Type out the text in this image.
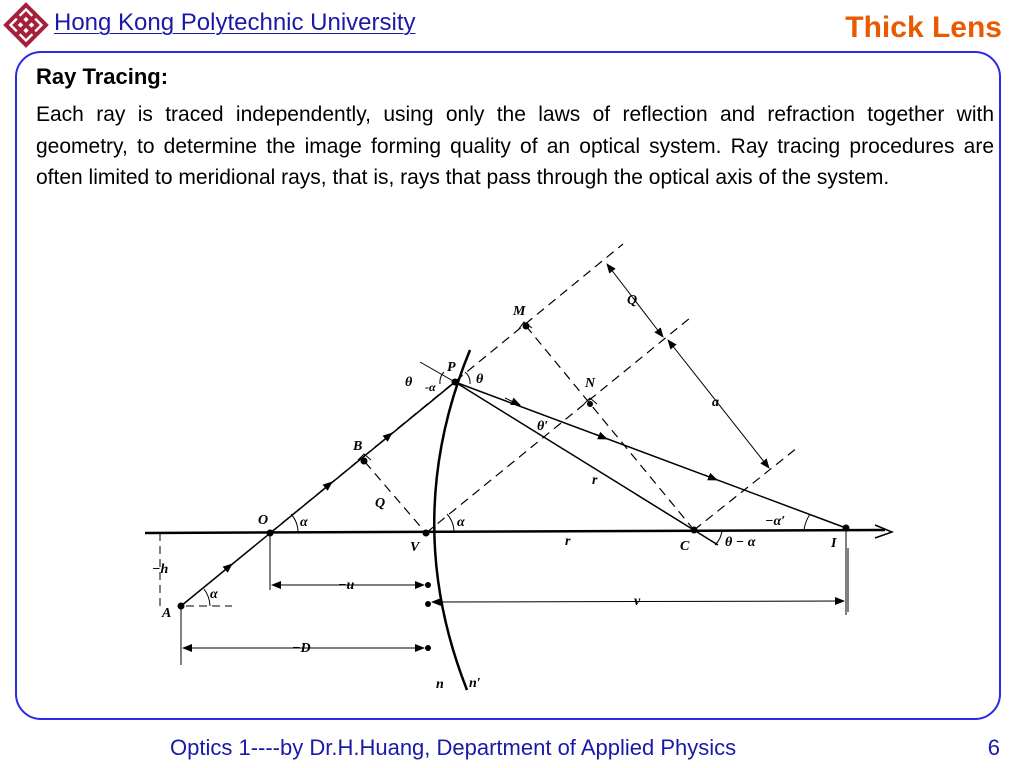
Hong Kong Polytechnic University	Thick Lens
Ray Tracing:
Each ray is traced independently, using only the laws of reflection and refraction together with geometry, to determine the image forming quality of an optical system. Ray tracing procedures are often limited to meridional rays, that is, rays that pass through the optical axis of the system.
A
O
B
P
M
N
V	C	I
Q
Q
a
r
r
θ	θ
θ′
-α
α
α	α	−α′
θ − α
−h
−u
v
−D
n n′
Optics 1----by Dr.H.Huang, Department of Applied Physics	6
